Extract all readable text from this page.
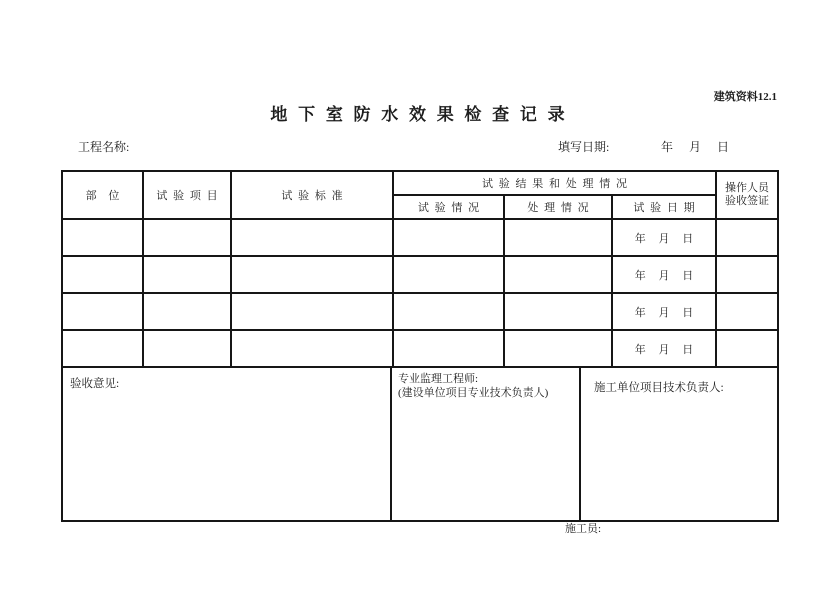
建筑资料12.1
地 下 室 防 水 效 果 检 查 记 录
工程名称:	填写日期:	年 月 日
部 位	试 验 项 目	试 验 标 准	试 验 结 果 和 处 理 情 况			操作人员
验收签证

			试 验 情 况	处 理 情 况	试 验 日 期	
					年 月 日	
					年 月 日	
					年 月 日	
					年 月 日	

验收意见: 专业监理工程师:
(建设单位项目专业技术负责人) 施工单位项目技术负责人:						
施工员:
